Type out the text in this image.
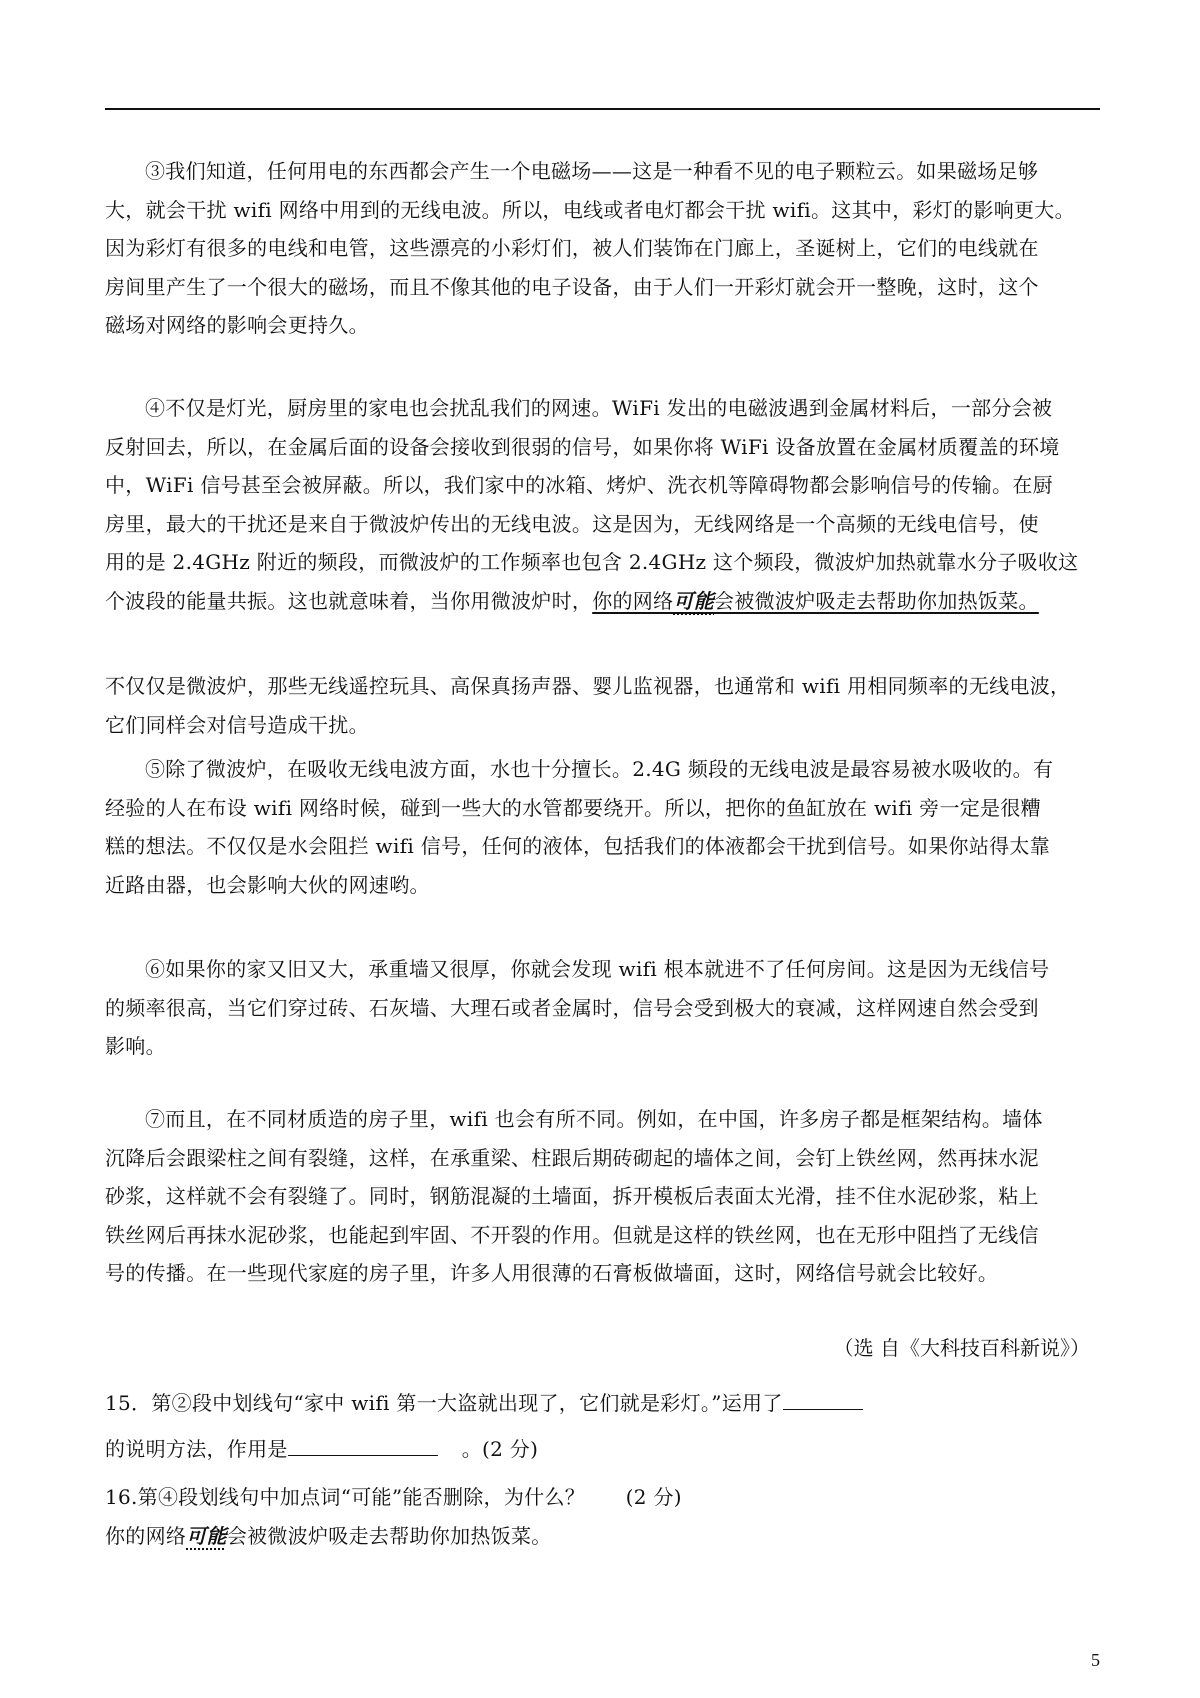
③我们知道，任何用电的东西都会产生一个电磁场——这是一种看不见的电子颗粒云。如果磁场足够
大，就会干扰 wifi 网络中用到的无线电波。所以，电线或者电灯都会干扰 wifi。这其中，彩灯的影响更大。
因为彩灯有很多的电线和电管，这些漂亮的小彩灯们，被人们装饰在门廊上，圣诞树上，它们的电线就在
房间里产生了一个很大的磁场，而且不像其他的电子设备，由于人们一开彩灯就会开一整晚，这时，这个
磁场对网络的影响会更持久。
④不仅是灯光，厨房里的家电也会扰乱我们的网速。WiFi 发出的电磁波遇到金属材料后，一部分会被
反射回去，所以，在金属后面的设备会接收到很弱的信号，如果你将 WiFi 设备放置在金属材质覆盖的环境
中，WiFi 信号甚至会被屏蔽。所以，我们家中的冰箱、烤炉、洗衣机等障碍物都会影响信号的传输。在厨
房里，最大的干扰还是来自于微波炉传出的无线电波。这是因为，无线网络是一个高频的无线电信号，使
用的是 2.4GHz 附近的频段，而微波炉的工作频率也包含 2.4GHz 这个频段，微波炉加热就靠水分子吸收这
个波段的能量共振。这也就意味着，当你用微波炉时，你的网络可能会被微波炉吸走去帮助你加热饭菜。
不仅仅是微波炉，那些无线遥控玩具、高保真扬声器、婴儿监视器，也通常和 wifi 用相同频率的无线电波，
它们同样会对信号造成干扰。
⑤除了微波炉，在吸收无线电波方面，水也十分擅长。2.4G 频段的无线电波是最容易被水吸收的。有
经验的人在布设 wifi 网络时候，碰到一些大的水管都要绕开。所以，把你的鱼缸放在 wifi 旁一定是很糟
糕的想法。不仅仅是水会阻拦 wifi 信号，任何的液体，包括我们的体液都会干扰到信号。如果你站得太靠
近路由器，也会影响大伙的网速哟。
⑥如果你的家又旧又大，承重墙又很厚，你就会发现 wifi 根本就进不了任何房间。这是因为无线信号
的频率很高，当它们穿过砖、石灰墙、大理石或者金属时，信号会受到极大的衰减，这样网速自然会受到
影响。
⑦而且，在不同材质造的房子里，wifi 也会有所不同。例如，在中国，许多房子都是框架结构。墙体
沉降后会跟梁柱之间有裂缝，这样，在承重梁、柱跟后期砖砌起的墙体之间，会钉上铁丝网，然再抹水泥
砂浆，这样就不会有裂缝了。同时，钢筋混凝的土墙面，拆开模板后表面太光滑，挂不住水泥砂浆，粘上
铁丝网后再抹水泥砂浆，也能起到牢固、不开裂的作用。但就是这样的铁丝网，也在无形中阻挡了无线信
号的传播。在一些现代家庭的房子里，许多人用很薄的石膏板做墙面，这时，网络信号就会比较好。
（选 自《大科技百科新说》）
15．第②段中划线句“家中 wifi 第一大盗就出现了，它们就是彩灯。”运用了
的说明方法，作用是	。(2 分)
16.第④段划线句中加点词“可能”能否删除，为什么？　　(2 分)
你的网络可能会被微波炉吸走去帮助你加热饭菜。
5
